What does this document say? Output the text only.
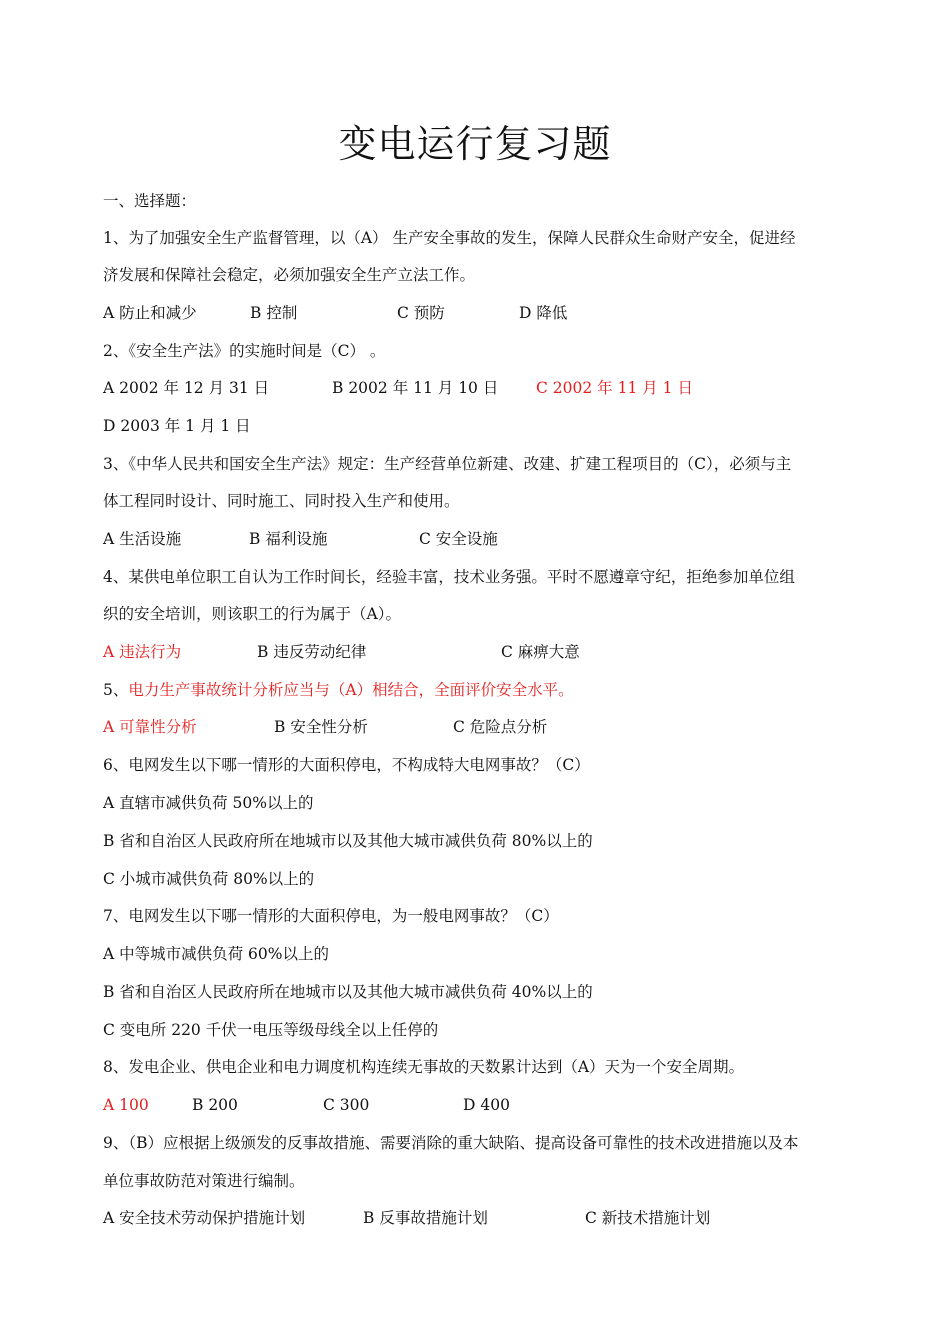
变电运行复习题
一、选择题：
1、为了加强安全生产监督管理，以（A） 生产安全事故的发生，保障人民群众生命财产安全，促进经
济发展和保障社会稳定，必须加强安全生产立法工作。
A 防止和减少	B 控制	C 预防	D 降低
2、《安全生产法》的实施时间是（C） 。
A 2002 年 12 月 31 日	B 2002 年 11 月 10 日 C 2002 年 11 月 1 日
D 2003 年 1 月 1 日
3、《中华人民共和国安全生产法》规定：生产经营单位新建、改建、扩建工程项目的（C），必须与主
体工程同时设计、同时施工、同时投入生产和使用。
A 生活设施	B 福利设施	C 安全设施
4、某供电单位职工自认为工作时间长，经验丰富，技术业务强。平时不愿遵章守纪，拒绝参加单位组
织的安全培训，则该职工的行为属于（A）。
A 违法行为	B 违反劳动纪律	C 麻痹大意
5、电力生产事故统计分析应当与（A）相结合，全面评价安全水平。
A 可靠性分析	B 安全性分析	C 危险点分析
6、电网发生以下哪一情形的大面积停电，不构成特大电网事故？（C）
A 直辖市减供负荷 50%以上的
B 省和自治区人民政府所在地城市以及其他大城市减供负荷 80%以上的
C 小城市减供负荷 80%以上的
7、电网发生以下哪一情形的大面积停电，为一般电网事故？（C）
A 中等城市减供负荷 60%以上的
B 省和自治区人民政府所在地城市以及其他大城市减供负荷 40%以上的
C 变电所 220 千伏一电压等级母线全以上任停的
8、发电企业、供电企业和电力调度机构连续无事故的天数累计达到（A）天为一个安全周期。
A 100	B 200	C 300	D 400
9、（B）应根据上级颁发的反事故措施、需要消除的重大缺陷、提高设备可靠性的技术改进措施以及本
单位事故防范对策进行编制。
A 安全技术劳动保护措施计划	B 反事故措施计划	C 新技术措施计划
